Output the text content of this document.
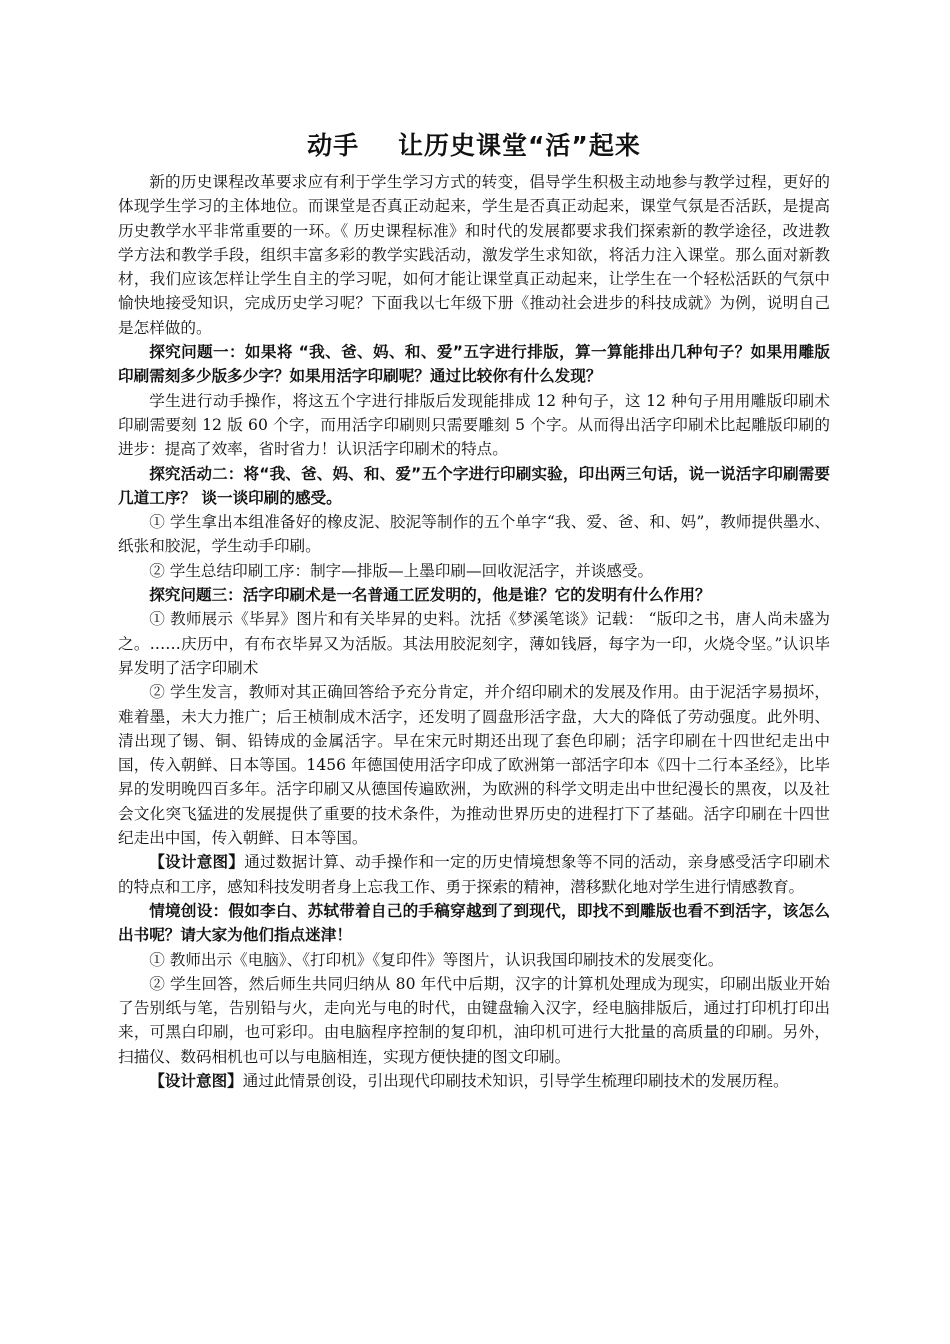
动手    让历史课堂“活”起来

新的历史课程改革要求应有利于学生学习方式的转变，倡导学生积极主动地参与教学过程，更好的体现学生学习的主体地位。而课堂是否真正动起来，学生是否真正动起来，课堂气氛是否活跃，是提高历史教学水平非常重要的一环。《 历史课程标准》和时代的发展都要求我们探索新的教学途径，改进教学方法和教学手段，组织丰富多彩的教学实践活动，激发学生求知欲，将活力注入课堂。那么面对新教材，我们应该怎样让学生自主的学习呢，如何才能让课堂真正动起来，让学生在一个轻松活跃的气氛中愉快地接受知识，完成历史学习呢？下面我以七年级下册《推动社会进步的科技成就》为例，说明自己是怎样做的。

探究问题一：如果将 “我、爸、妈、和、爱”五字进行排版，算一算能排出几种句子？如果用雕版印刷需刻多少版多少字？如果用活字印刷呢？通过比较你有什么发现？

学生进行动手操作，将这五个字进行排版后发现能排成 12 种句子，这 12 种句子用用雕版印刷术印刷需要刻 12 版 60 个字，而用活字印刷则只需要雕刻 5 个字。从而得出活字印刷术比起雕版印刷的进步：提高了效率，省时省力！认识活字印刷术的特点。

探究活动二：将“我、爸、妈、和、爱”五个字进行印刷实验，印出两三句话，说一说活字印刷需要几道工序？ 谈一谈印刷的感受。

① 学生拿出本组准备好的橡皮泥、胶泥等制作的五个单字“我、爱、爸、和、妈”，教师提供墨水、纸张和胶泥，学生动手印刷。

② 学生总结印刷工序：制字—排版—上墨印刷—回收泥活字，并谈感受。

探究问题三：活字印刷术是一名普通工匠发明的，他是谁？它的发明有什么作用？

① 教师展示《毕昇》图片和有关毕昇的史料。沈括《梦溪笔谈》记载： “版印之书，唐人尚未盛为之。……庆历中，有布衣毕昇又为活版。其法用胶泥刻字，薄如钱唇，每字为一印，火烧令坚。”认识毕昇发明了活字印刷术

② 学生发言，教师对其正确回答给予充分肯定，并介绍印刷术的发展及作用。由于泥活字易损坏，难着墨，未大力推广；后王桢制成木活字，还发明了圆盘形活字盘，大大的降低了劳动强度。此外明、清出现了锡、铜、铅铸成的金属活字。早在宋元时期还出现了套色印刷；活字印刷在十四世纪走出中国，传入朝鲜、日本等国。1456 年德国使用活字印成了欧洲第一部活字印本《四十二行本圣经》，比毕昇的发明晚四百多年。活字印刷又从德国传遍欧洲，为欧洲的科学文明走出中世纪漫长的黑夜，以及社会文化突飞猛进的发展提供了重要的技术条件，为推动世界历史的进程打下了基础。活字印刷在十四世纪走出中国，传入朝鲜、日本等国。

【设计意图】通过数据计算、动手操作和一定的历史情境想象等不同的活动，亲身感受活字印刷术的特点和工序，感知科技发明者身上忘我工作、勇于探索的精神，潜移默化地对学生进行情感教育。

情境创设：假如李白、苏轼带着自己的手稿穿越到了到现代，即找不到雕版也看不到活字，该怎么出书呢？请大家为他们指点迷津！

① 教师出示《电脑》、《打印机》《复印件》等图片，认识我国印刷技术的发展变化。

② 学生回答，然后师生共同归纳从 80 年代中后期，汉字的计算机处理成为现实，印刷出版业开始了告别纸与笔，告别铅与火，走向光与电的时代，由键盘输入汉字，经电脑排版后，通过打印机打印出来，可黑白印刷，也可彩印。由电脑程序控制的复印机，油印机可进行大批量的高质量的印刷。另外，扫描仪、数码相机也可以与电脑相连，实现方便快捷的图文印刷。

【设计意图】通过此情景创设，引出现代印刷技术知识，引导学生梳理印刷技术的发展历程。
